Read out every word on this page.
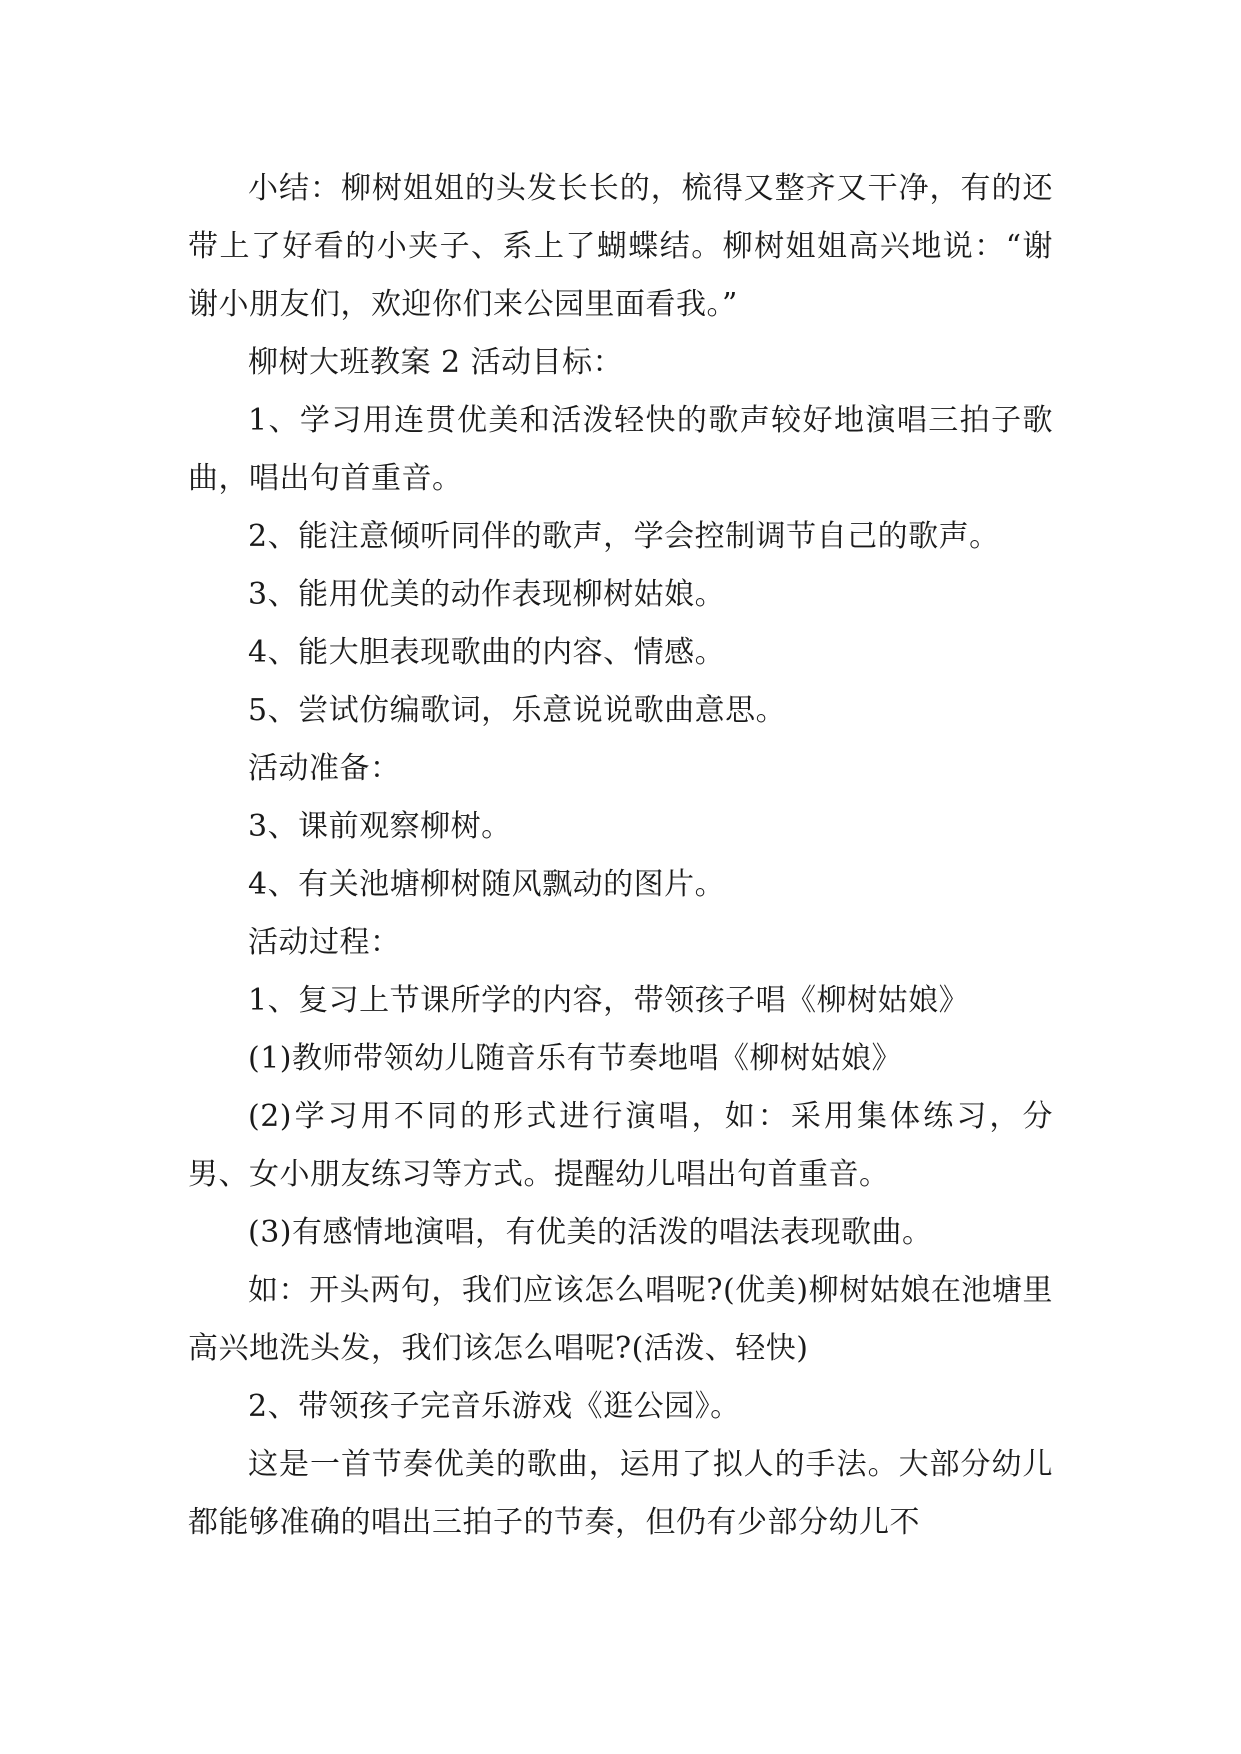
小结：柳树姐姐的头发长长的，梳得又整齐又干净，有的还带上了好看的小夹子、系上了蝴蝶结。柳树姐姐高兴地说：“谢谢小朋友们，欢迎你们来公园里面看我。”

柳树大班教案 2 活动目标：

1、学习用连贯优美和活泼轻快的歌声较好地演唱三拍子歌曲，唱出句首重音。

2、能注意倾听同伴的歌声，学会控制调节自己的歌声。

3、能用优美的动作表现柳树姑娘。

4、能大胆表现歌曲的内容、情感。

5、尝试仿编歌词，乐意说说歌曲意思。

活动准备：

3、课前观察柳树。

4、有关池塘柳树随风飘动的图片。

活动过程：

1、复习上节课所学的内容，带领孩子唱《柳树姑娘》

(1)教师带领幼儿随音乐有节奏地唱《柳树姑娘》

(2)学习用不同的形式进行演唱，如：采用集体练习，分男、女小朋友练习等方式。提醒幼儿唱出句首重音。

(3)有感情地演唱，有优美的活泼的唱法表现歌曲。

如：开头两句，我们应该怎么唱呢?(优美)柳树姑娘在池塘里高兴地洗头发，我们该怎么唱呢?(活泼、轻快)

2、带领孩子完音乐游戏《逛公园》。

这是一首节奏优美的歌曲，运用了拟人的手法。大部分幼儿都能够准确的唱出三拍子的节奏，但仍有少部分幼儿不
